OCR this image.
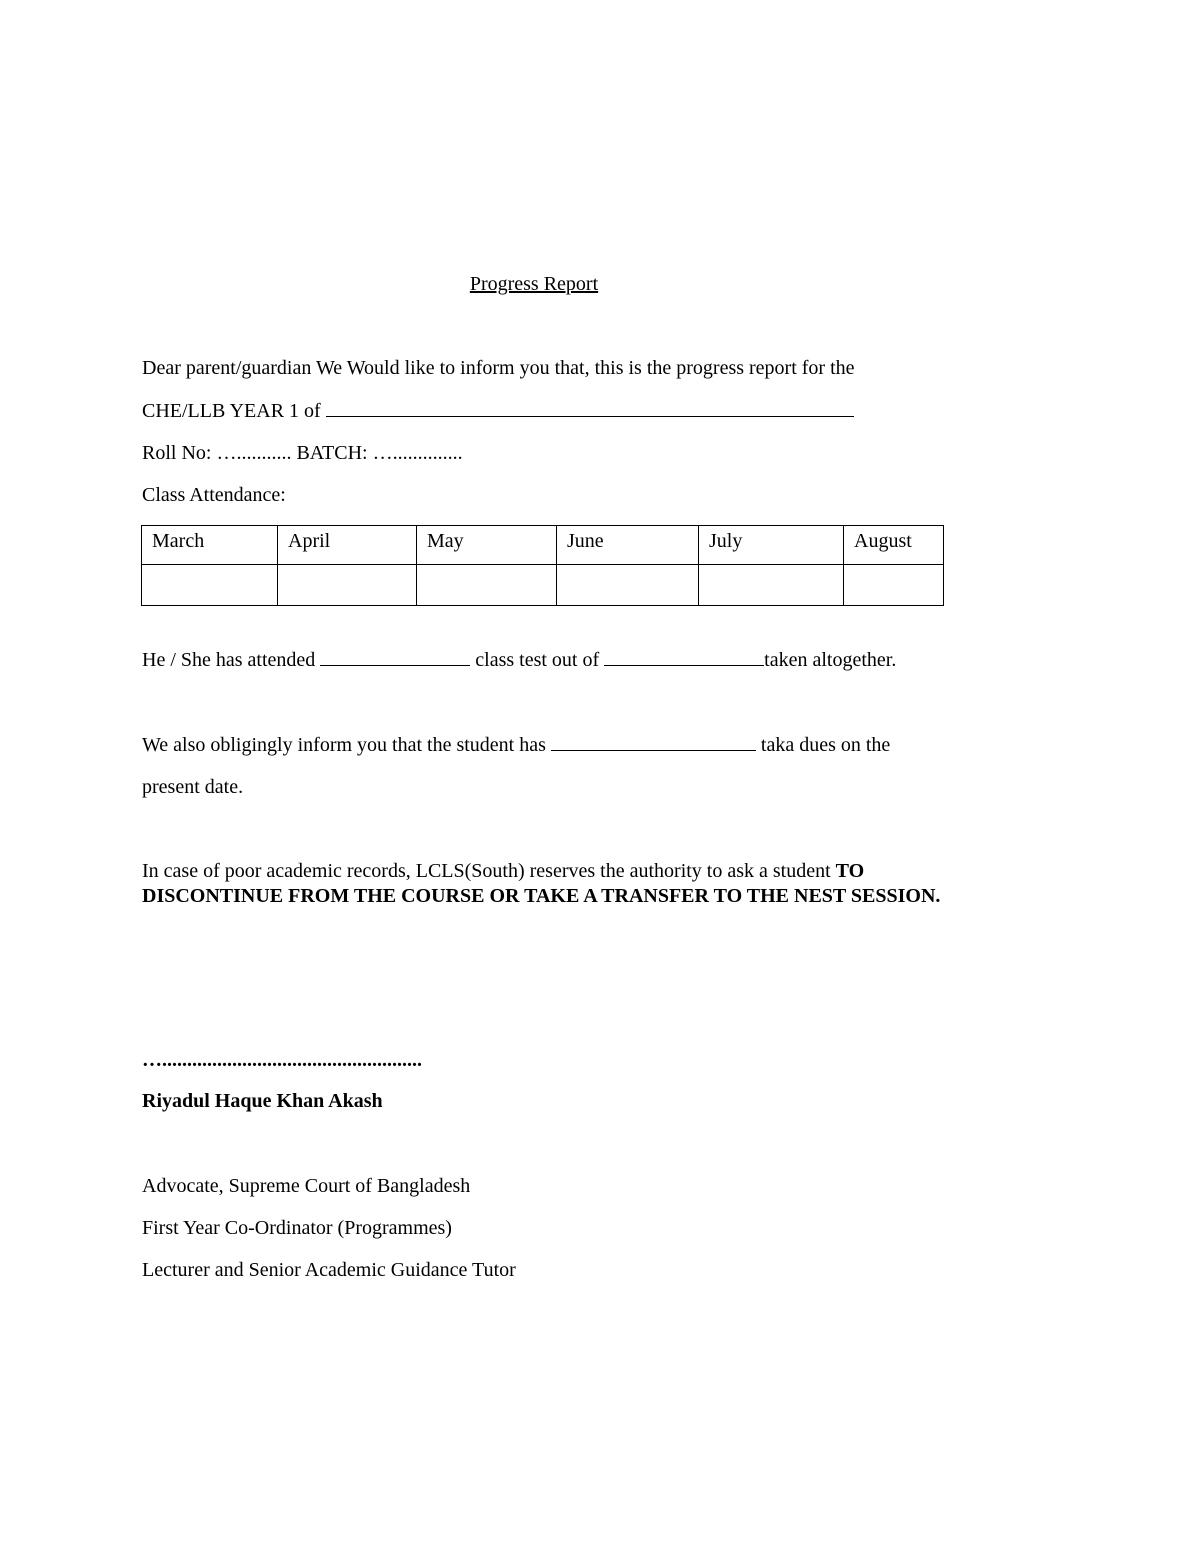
Progress Report
Dear parent/guardian We Would like to inform you that, this is the progress report for the
CHE/LLB YEAR 1 of
Roll No: …........... BATCH: …..............
Class Attendance:
March	April	May	June	July	August

He / She has attended	class test out of	taken altogether.
We also obligingly inform you that the student has	taka dues on the
present date.
In case of poor academic records, LCLS(South) reserves the authority to ask a student TO
DISCONTINUE FROM THE COURSE OR TAKE A TRANSFER TO THE NEST SESSION.
…....................................................
Riyadul Haque Khan Akash
Advocate, Supreme Court of Bangladesh
First Year Co-Ordinator (Programmes)
Lecturer and Senior Academic Guidance Tutor
